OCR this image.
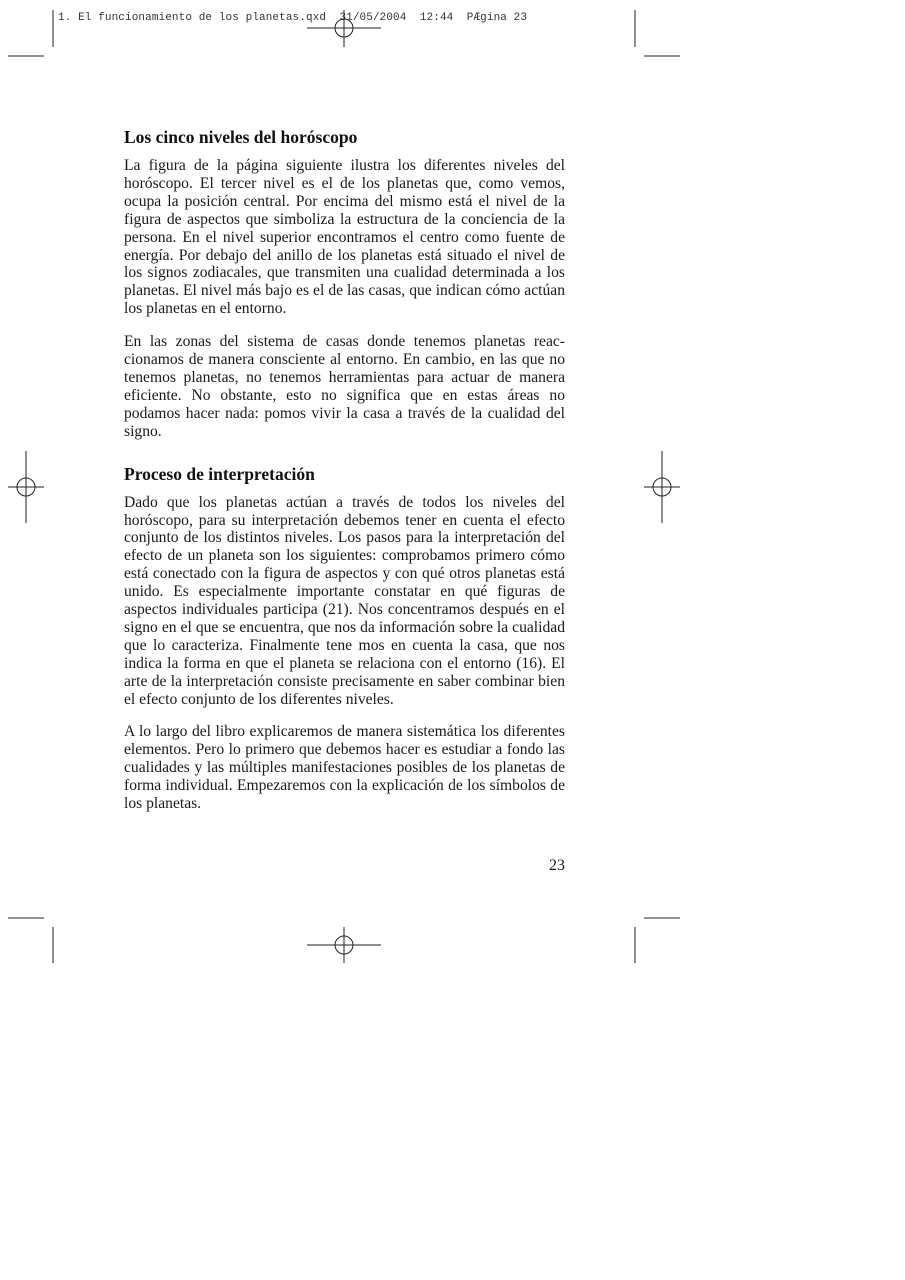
1. El funcionamiento de los planetas.qxd  31/05/2004  12:44  PÆgina 23
Los cinco niveles del horóscopo

La figura de la página siguiente ilustra los diferentes niveles del horóscopo. El tercer nivel es el de los planetas que, como vemos, ocupa la posición central. Por encima del mismo está el nivel de la figura de aspectos que simboliza la estructura de la conciencia de la persona. En el nivel superior encontramos el centro como fuente de energía. Por debajo del anillo de los planetas está situado el nivel de los signos zodiacales, que transmiten una cualidad determinada a los planetas. El nivel más bajo es el de las casas, que indican cómo actúan los planetas en el entorno.

En las zonas del sistema de casas donde tenemos planetas reaccionamos de manera consciente al entorno. En cambio, en las que no tenemos planetas, no tenemos herramientas para actuar de manera eficiente. No obstante, esto no significa que en estas áreas no podamos hacer nada: pomos vivir la casa a través de la cualidad del signo.

Proceso de interpretación

Dado que los planetas actúan a través de todos los niveles del horóscopo, para su interpretación debemos tener en cuenta el efecto conjunto de los distintos niveles. Los pasos para la interpretación del efecto de un planeta son los siguientes: comprobamos primero cómo está conectado con la figura de aspectos y con qué otros planetas está unido. Es especialmente importante constatar en qué figuras de aspectos individuales participa (21). Nos concentramos después en el signo en el que se encuentra, que nos da información sobre la cualidad que lo caracteriza. Finalmente tene mos en cuenta la casa, que nos indica la forma en que el planeta se relaciona con el entorno (16). El arte de la interpretación consiste precisamente en saber combinar bien el efecto conjunto de los diferentes niveles.

A lo largo del libro explicaremos de manera sistemática los diferentes elementos. Pero lo primero que debemos hacer es estudiar a fondo las cualidades y las múltiples manifestaciones posibles de los planetas de forma individual. Empezaremos con la explicación de los símbolos de los planetas.

23
